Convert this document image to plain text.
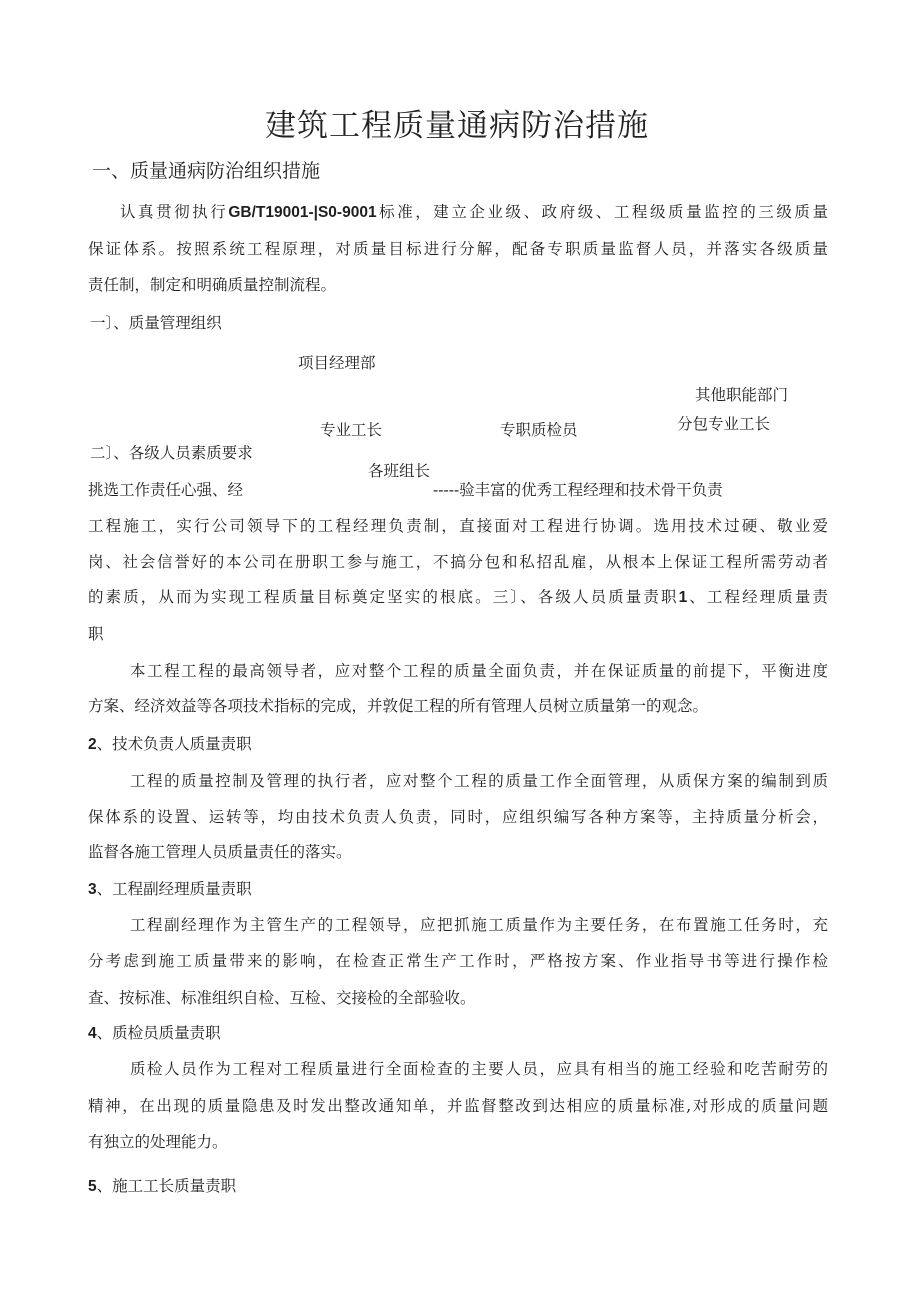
建筑工程质量通病防治措施
一、质量通病防治组织措施
认真贯彻执行GB/T19001-|S0-9001标准，建立企业级、政府级、工程级质量监控的三级质量
保证体系。按照系统工程原理，对质量目标进行分解，配备专职质量监督人员，并落实各级质量
责任制，制定和明确质量控制流程。
一〕、质量管理组织
项目经理部
其他职能部门
专业工长	专职质检员	分包专业工长
二〕、各级人员素质要求
各班组长
挑选工作责任心强、经	-----验丰富的优秀工程经理和技术骨干负责
工程施工，实行公司领导下的工程经理负责制，直接面对工程进行协调。选用技术过硬、敬业爱
岗、社会信誉好的本公司在册职工参与施工，不搞分包和私招乱雇，从根本上保证工程所需劳动者
的素质，从而为实现工程质量目标奠定坚实的根底。三〕、各级人员质量责职1、工程经理质量责
职
本工程工程的最高领导者，应对整个工程的质量全面负责，并在保证质量的前提下，平衡进度
方案、经济效益等各项技术指标的完成，并敦促工程的所有管理人员树立质量第一的观念。
2、技术负责人质量责职
工程的质量控制及管理的执行者，应对整个工程的质量工作全面管理，从质保方案的编制到质
保体系的设置、运转等，均由技术负责人负责，同时，应组织编写各种方案等，主持质量分析会，
监督各施工管理人员质量责任的落实。
3、工程副经理质量责职
工程副经理作为主管生产的工程领导，应把抓施工质量作为主要任务，在布置施工任务时，充
分考虑到施工质量带来的影响，在检查正常生产工作时，严格按方案、作业指导书等进行操作检
查、按标准、标准组织自检、互检、交接检的全部验收。
4、质检员质量责职
质检人员作为工程对工程质量进行全面检查的主要人员，应具有相当的施工经验和吃苦耐劳的
精神，在出现的质量隐患及时发出整改通知单，并监督整改到达相应的质量标准,对形成的质量问题
有独立的处理能力。
5、施工工长质量责职
